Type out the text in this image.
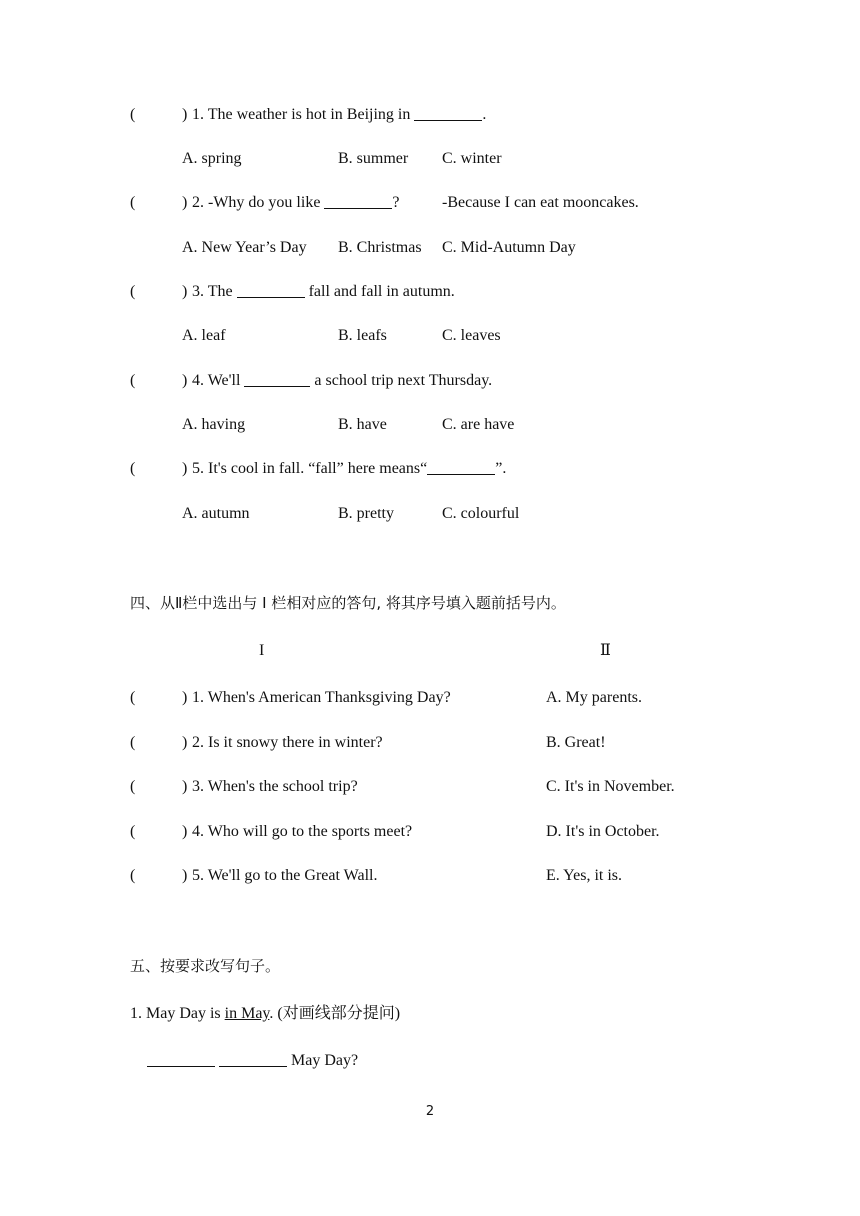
(	) 1. The weather is hot in Beijing in	.
A. spring	B. summer C. winter
(	) 2. -Why do you like	?	-Because I can eat mooncakes.
A. New Year’s Day B. Christmas C. Mid-Autumn Day
(	) 3. The	fall and fall in autumn.
A. leaf	B. leafs	C. leaves
(	) 4. We'll	a school trip next Thursday.
A. having	B. have	C. are have
(	) 5. It's cool in fall. “fall” here means“	”.
A. autumn	B. pretty	C. colourful
四、从Ⅱ栏中选出与 I 栏相对应的答句, 将其序号填入题前括号内。
I	Ⅱ
(	) 1. When's American Thanksgiving Day?	A. My parents.
(	) 2. Is it snowy there in winter?	B. Great!
(	) 3. When's the school trip?	C. It's in November.
(	) 4. Who will go to the sports meet?	D. It's in October.
(	) 5. We'll go to the Great Wall.	E. Yes, it is.
五、按要求改写句子。
1. May Day is in May. (对画线部分提问)
May Day?
2
